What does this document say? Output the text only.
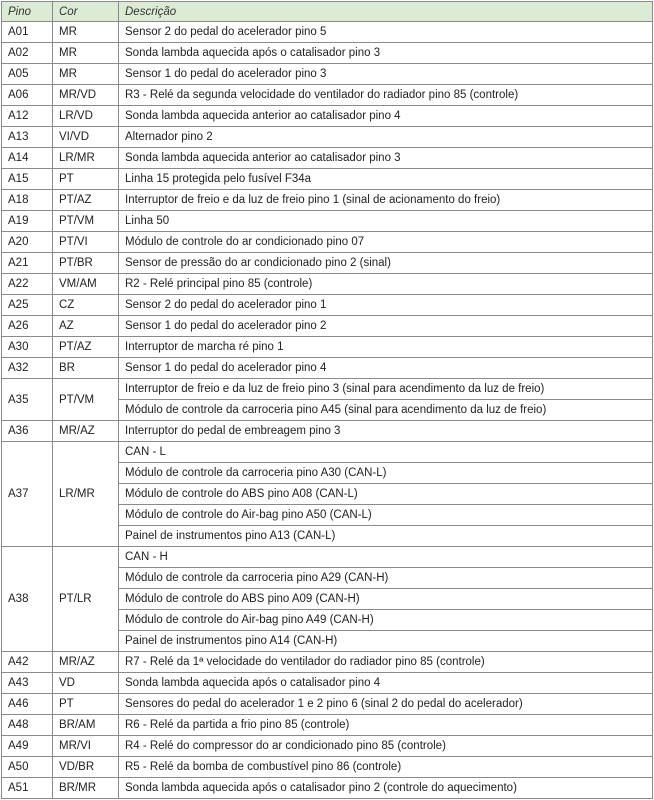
Pino	Cor	Descrição
A01	MR	Sensor 2 do pedal do acelerador pino 5
A02	MR	Sonda lambda aquecida após o catalisador pino 3
A05	MR	Sensor 1 do pedal do acelerador pino 3
A06	MR/VD	R3 - Relé da segunda velocidade do ventilador do radiador pino 85 (controle)
A12	LR/VD	Sonda lambda aquecida anterior ao catalisador pino 4
A13	VI/VD	Alternador pino 2
A14	LR/MR	Sonda lambda aquecida anterior ao catalisador pino 3
A15	PT	Linha 15 protegida pelo fusível F34a
A18	PT/AZ	Interruptor de freio e da luz de freio pino 1 (sinal de acionamento do freio)
A19	PT/VM	Linha 50
A20	PT/VI	Módulo de controle do ar condicionado pino 07
A21	PT/BR	Sensor de pressão do ar condicionado pino 2 (sinal)
A22	VM/AM	R2 - Relé principal pino 85 (controle)
A25	CZ	Sensor 2 do pedal do acelerador pino 1
A26	AZ	Sensor 1 do pedal do acelerador pino 2
A30	PT/AZ	Interruptor de marcha ré pino 1
A32	BR	Sensor 1 do pedal do acelerador pino 4
A35	PT/VM	Interruptor de freio e da luz de freio pino 3 (sinal para acendimento da luz de freio)
		Módulo de controle da carroceria pino A45 (sinal para acendimento da luz de freio)
A36	MR/AZ	Interruptor do pedal de embreagem pino 3
A37	LR/MR	CAN - L
		Módulo de controle da carroceria pino A30 (CAN-L)
		Módulo de controle do ABS pino A08 (CAN-L)
		Módulo de controle do Air-bag pino A50 (CAN-L)
		Painel de instrumentos pino A13 (CAN-L)
A38	PT/LR	CAN - H
		Módulo de controle da carroceria pino A29 (CAN-H)
		Módulo de controle do ABS pino A09 (CAN-H)
		Módulo de controle do Air-bag pino A49 (CAN-H)
		Painel de instrumentos pino A14 (CAN-H)
A42	MR/AZ	R7 - Relé da 1ª velocidade do ventilador do radiador pino 85 (controle)
A43	VD	Sonda lambda aquecida após o catalisador pino 4
A46	PT	Sensores do pedal do acelerador 1 e 2 pino 6 (sinal 2 do pedal do acelerador)
A48	BR/AM	R6 - Relé da partida a frio pino 85 (controle)
A49	MR/VI	R4 - Relé do compressor do ar condicionado pino 85 (controle)
A50	VD/BR	R5 - Relé da bomba de combustível pino 86 (controle)
A51	BR/MR	Sonda lambda aquecida após o catalisador pino 2 (controle do aquecimento)
